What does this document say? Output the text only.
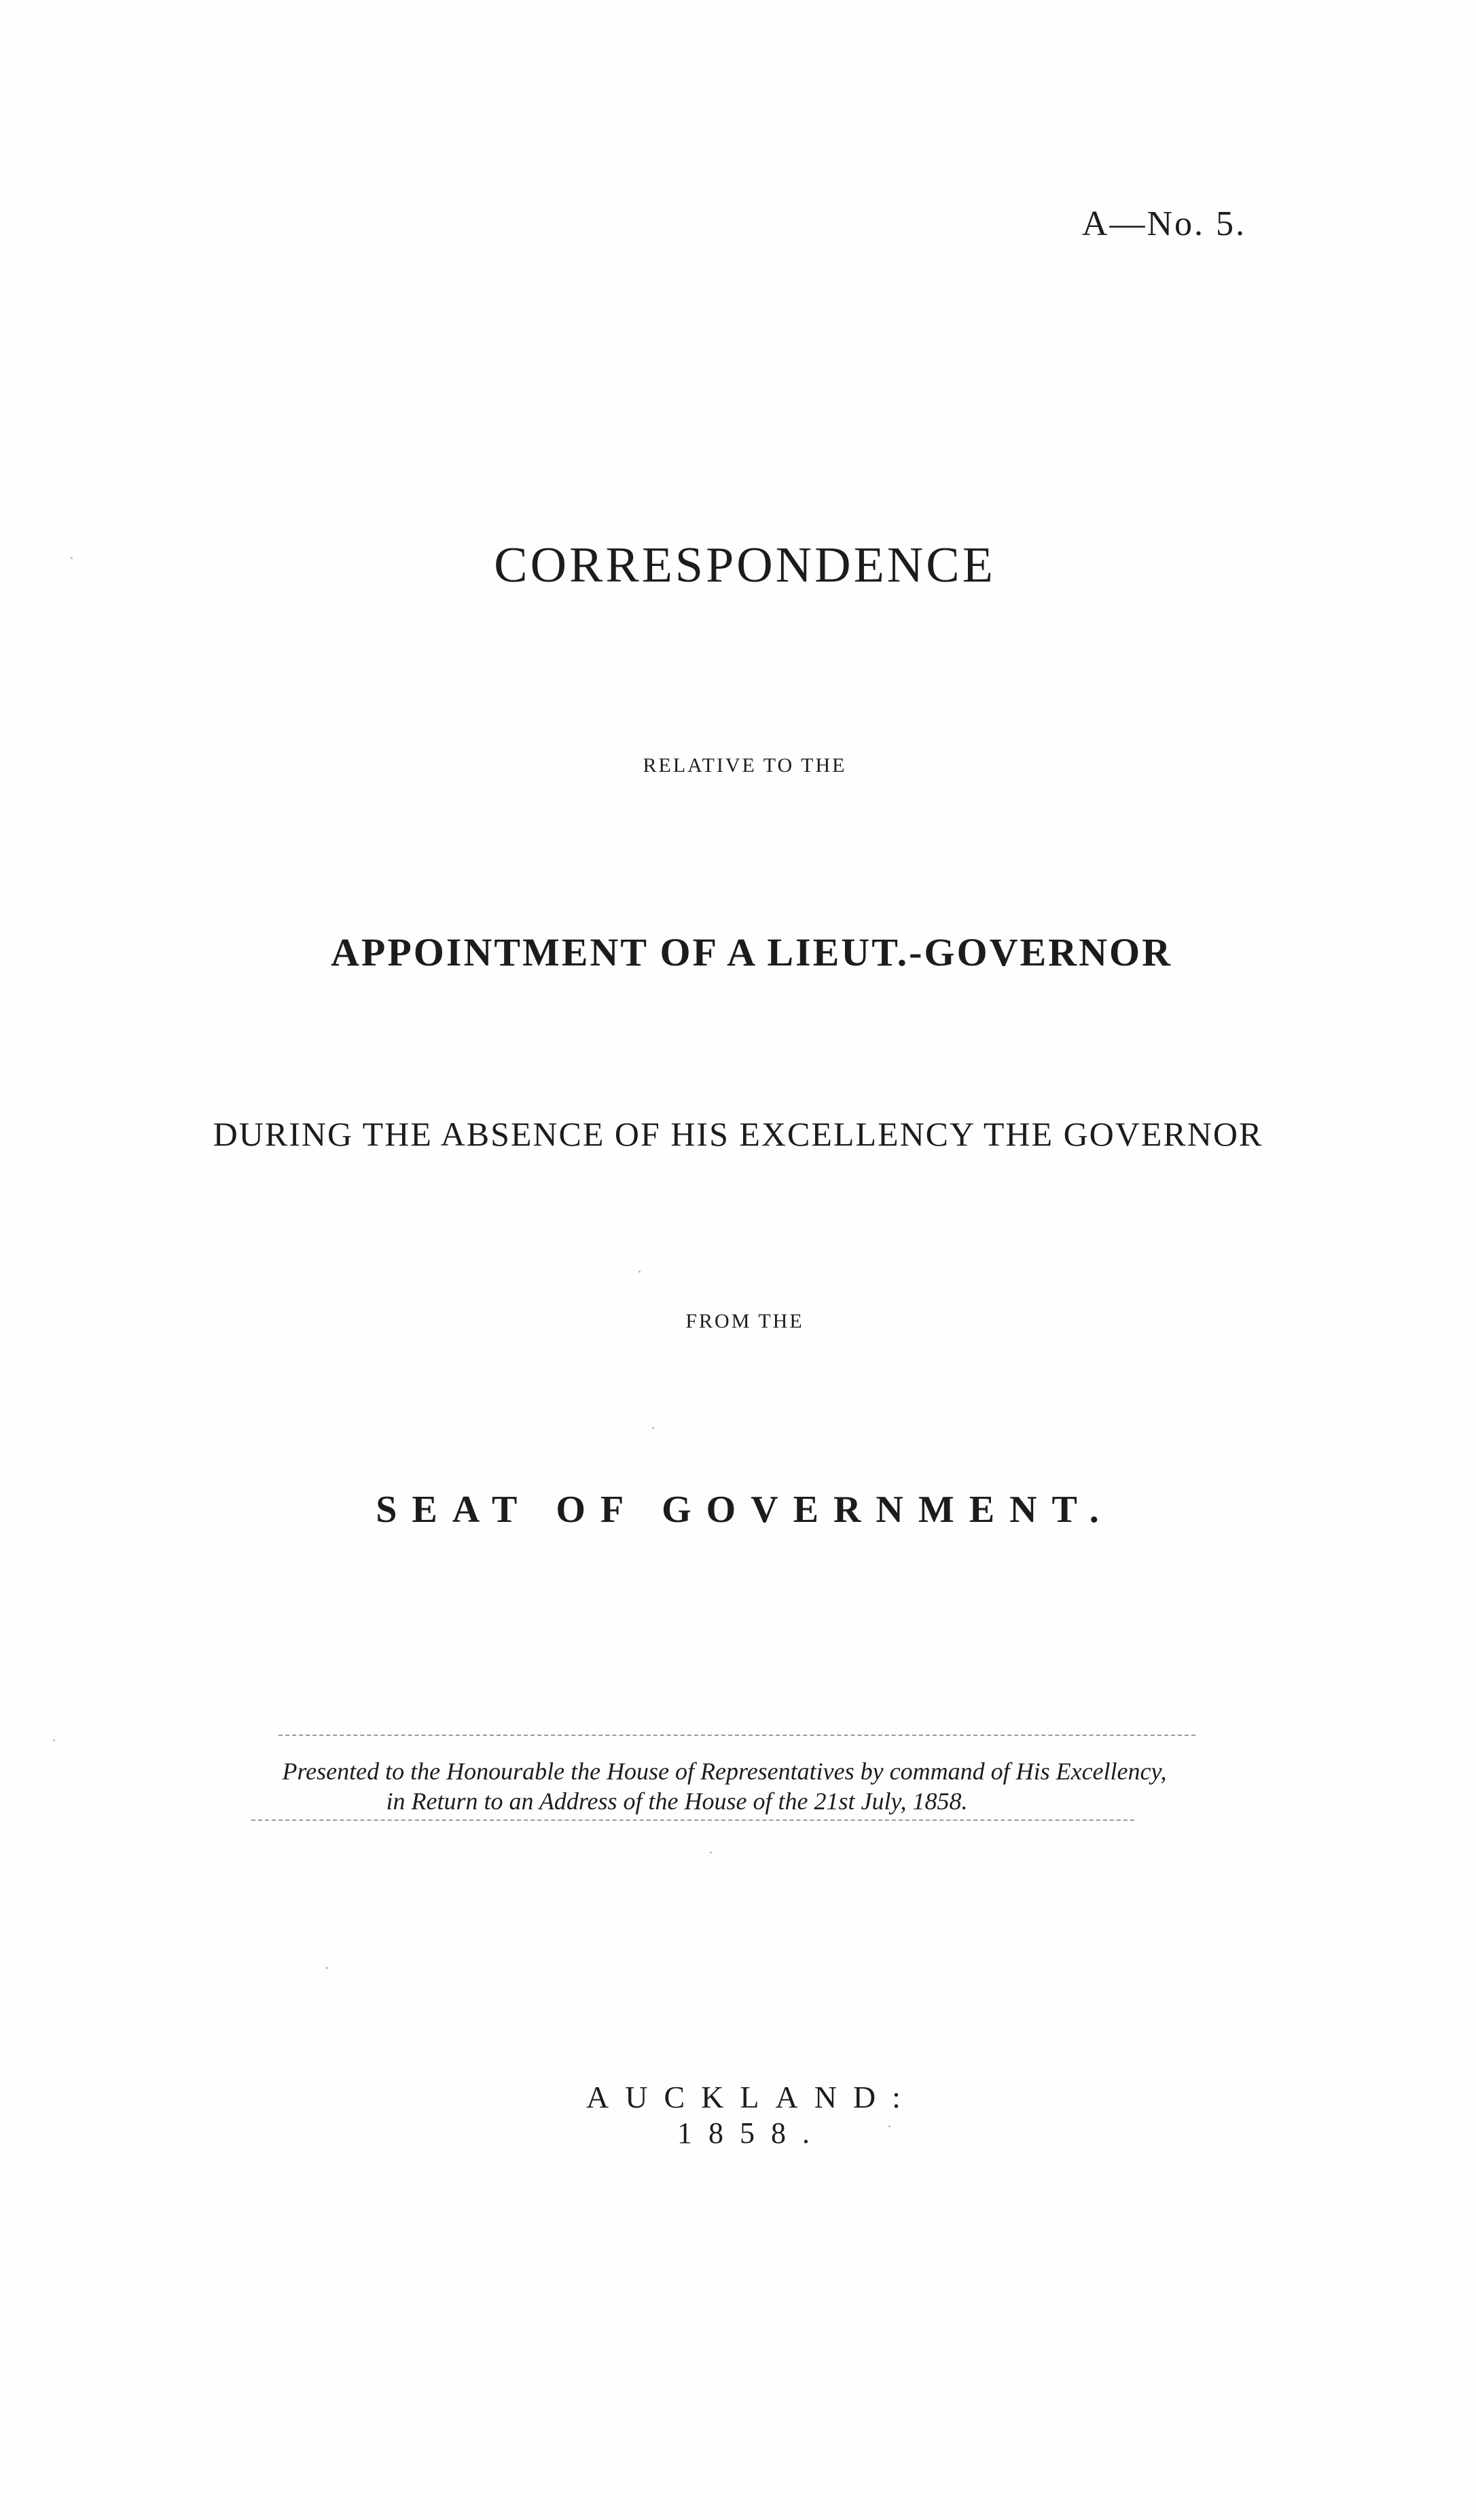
A—No. 5.
CORRESPONDENCE
RELATIVE TO THE
APPOINTMENT OF A LIEUT.-GOVERNOR
DURING THE ABSENCE OF HIS EXCELLENCY THE GOVERNOR
FROM THE
SEAT OF GOVERNMENT.
Presented to the Honourable the House of Representatives by command of His Excellency,
in Return to an Address of the House of the 21st July, 1858.
AUCKLAND:
1858.
